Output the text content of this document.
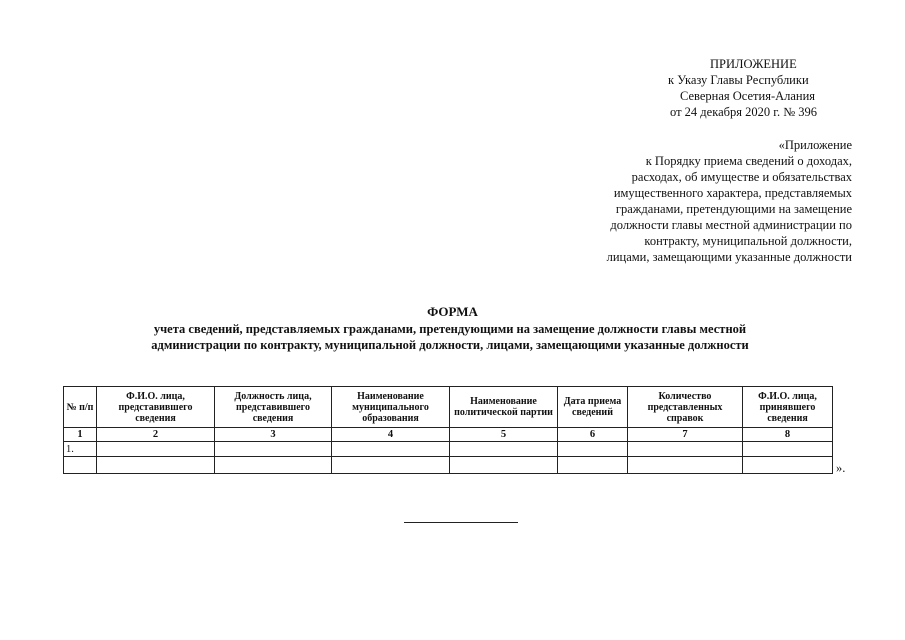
ПРИЛОЖЕНИЕ
к Указу Главы Республики
Северная Осетия-Алания
от 24 декабря 2020 г. № 396
«Приложение
к Порядку приема сведений о доходах,
расходах, об имуществе и обязательствах
имущественного характера, представляемых
гражданами, претендующими на замещение
должности главы местной администрации по
контракту, муниципальной должности,
лицами, замещающими указанные должности
ФОРМА
учета сведений, представляемых гражданами, претендующими на замещение должности главы местной
администрации по контракту, муниципальной должности, лицами, замещающими указанные должности
№ п/п	Ф.И.О. лица, представившего сведения	Должность лица, представившего сведения	Наименование муниципального образования	Наименование политической партии	Дата приема сведений	Количество представленных справок	Ф.И.О. лица, принявшего сведения
1	2	3	4	5	6	7	8
1.							

».
